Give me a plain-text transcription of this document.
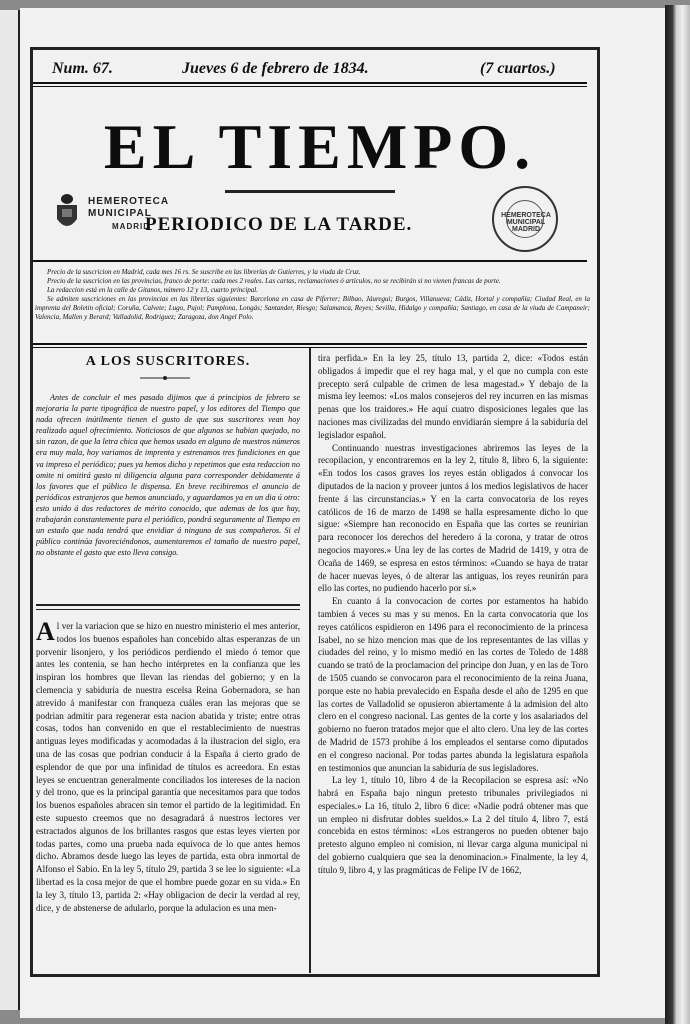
Num. 67.	Jueves 6 de febrero de 1834.	(7 cuartos.)
EL TIEMPO.
HEMEROTECA
MUNICIPAL
MADRID
PERIODICO DE LA TARDE.	HEMEROTECA MUNICIPAL MADRID

Precio de la suscricion en Madrid, cada mes 16 rs. Se suscribe en las librerías de Gutierres, y la viuda de Cruz.

Precio de la suscricion en las provincias, franco de porte: cada mes 2 reales. Las cartas, reclamaciones ó artículos, no se recibirán si no vienen francas de porte.

La redaccion está en la calle de Gitanos, número 12 y 13, cuarto principal.

Se admiten suscriciones en las provincias en las librerías siguientes: Barcelona en casa de Piferrer; Bilbao, Jáuregui; Burgos, Villanueva; Cádiz, Hortal y compañía; Ciudad Real, en la imprenta del Boletin oficial; Coruña, Calvete; Lugo, Pujol; Pamplona, Longás; Santander, Riesgo; Salamanca, Reyes; Sevilla, Hidalgo y compañía; Santiago, en casa de la viuda de Campaneir; Valencia, Mallen y Berard; Valladolid, Rodriguez; Zaragoza, don Angel Polo.

A LOS SUSCRITORES.

Antes de concluir el mes pasado dijimos que á principios de febrero se mejoraria la parte tipográfica de nuestro papel, y los editores del Tiempo que nada ofrecen inútilmente tienen el gusto de que sus suscritores vean hoy realizado aquel ofrecimiento. Noticiosos de que algunos se habian quejado, no sin razon, de que la letra chica que hemos usado en alguno de nuestros números era muy mala, hoy variamos de imprenta y estrenamos tres fundiciones en que va impreso el periódico; pues ya hemos dicho y repetimos que esta redaccion no omite ni omitirá gasto ni diligencia alguna para corresponder debidamente á los favores que el público le dispensa. En breve recibiremos el anuncio de periódicos estranjeros que hemos anunciado, y aguardamos ya en un dia ú otro: esto unido á dos redactores de mérito conocido, que ademas de los que hay, trabajarán constantemente para el periódico, pondrá seguramente al Tiempo en un estado que nada tendrá que envidiar á ninguno de sus compañeros. Si el público continúa favoreciéndonos, aumentaremos el tamaño de nuestro papel, no obstante el gasto que esto lleva consigo.

Al ver la variacion que se hizo en nuestro ministerio el mes anterior, todos los buenos españoles han concebido altas esperanzas de un porvenir lisonjero, y los periódicos perdiendo el miedo ó temor que antes les contenia, se han hecho intérpretes en la confianza que les inspiran los hombres que llevan las riendas del gobierno; y en la clemencia y sabiduría de nuestra escelsa Reina Gobernadora, se han atrevido á manifestar con franqueza cuáles eran las mejoras que se podrian admitir para regenerar esta nacion abatida y triste; entre otras cosas, todos han convenido en que el restablecimiento de nuestras antiguas leyes modificadas y acomodadas á la ilustracion del siglo, era una de las cosas que podrian conducir á la España á cierto grado de esplendor de que por una infinidad de títulos es acreedora. En estas leyes se encuentran generalmente conciliados los intereses de la nacion y del trono, que es la principal garantía que necesitamos para que todos los buenos españoles abracen sin temor el partido de la legitimidad. En este supuesto creemos que no desagradará á nuestros lectores ver estractados algunos de los brillantes rasgos que estas leyes vierten por todas partes, como una prueba nada equívoca de lo que antes hemos dicho. Abramos desde luego las leyes de partida, esta obra inmortal de Alfonso el Sabio. En la ley 5, título 29, partida 3 se lee lo siguiente: «La libertad es la cosa mejor de que el hombre puede gozar en su vida.» En la ley 3, título 13, partida 2: «Hay obligacion de decir la verdad al rey, dice, y de abstenerse de adularlo, porque la adulacion es una men-

tira perfida.» En la ley 25, título 13, partida 2, dice: «Todos están obligados á impedir que el rey haga mal, y el que no cumpla con este precepto será culpable de crimen de lesa magestad.» Y debajo de la misma ley leemos: «Los malos consejeros del rey incurren en las mismas penas que los traidores.» He aquí cuatro disposiciones legales que las naciones mas civilizadas del mundo envidiarán siempre á la sabiduría del legislador español.

Continuando nuestras investigaciones abriremos las leyes de la recopilacion, y encontraremos en la ley 2, título 8, libro 6, la siguiente: «En todos los casos graves los reyes están obligados á convocar los diputados de la nacion y proveer juntos á los medios legislativos de hacer frente á las circunstancias.» Y en la carta convocatoria de los reyes católicos de 16 de marzo de 1498 se halla espresamente dicho lo que sigue: «Siempre han reconocido en España que las cortes se reunirian para reconocer los derechos del heredero á la corona, y tratar de otros negocios mayores.» Una ley de las cortes de Madrid de 1419, y otra de Ocaña de 1469, se espresa en estos términos: «Cuando se haya de tratar de hacer nuevas leyes, ó de alterar las antiguas, los reyes reunirán para ello las cortes, no pudiendo hacerlo por sí.»

En cuanto á la convocacion de cortes por estamentos ha habido tambien á veces su mas y su menos. En la carta convocatoria que los reyes católicos espidieron en 1496 para el reconocimiento de la princesa Isabel, no se hizo mencion mas que de los representantes de las villas y ciudades del reino, y lo mismo medió en las cortes de Toledo de 1488 cuando se trató de la proclamacion del principe don Juan, y en las de Toro de 1505 cuando se convocaron para el reconocimiento de la reina Juana, porque este no habia prevalecido en España desde el año de 1295 en que las cortes de Valladolid se opusieron abiertamente á la admision del alto clero en el congreso nacional. Las gentes de la corte y los asalariados del gobierno no fueron tratados mejor que el alto clero. Una ley de las cortes de Madrid de 1573 prohibe á los empleados el sentarse como diputados en el congreso nacional. Por todas partes abunda la legislatura española en testimonios que anuncian la sabiduría de sus legisladores.

La ley 1, título 10, libro 4 de la Recopilacion se espresa así: «No habrá en España bajo ningun pretesto tribunales privilegiados ni especiales.» La 16, título 2, libro 6 dice: «Nadie podrá obtener mas que un empleo ni disfrutar dobles sueldos.» La 2 del título 4, libro 7, está concebida en estos términos: «Los estrangeros no pueden obtener bajo pretesto alguno empleo ni comision, ni llevar carga alguna municipal ni del gobierno cualquiera que sea la denominacion.» Finalmente, la ley 4, título 9, libro 4, y las pragmáticas de Felipe IV de 1662,
